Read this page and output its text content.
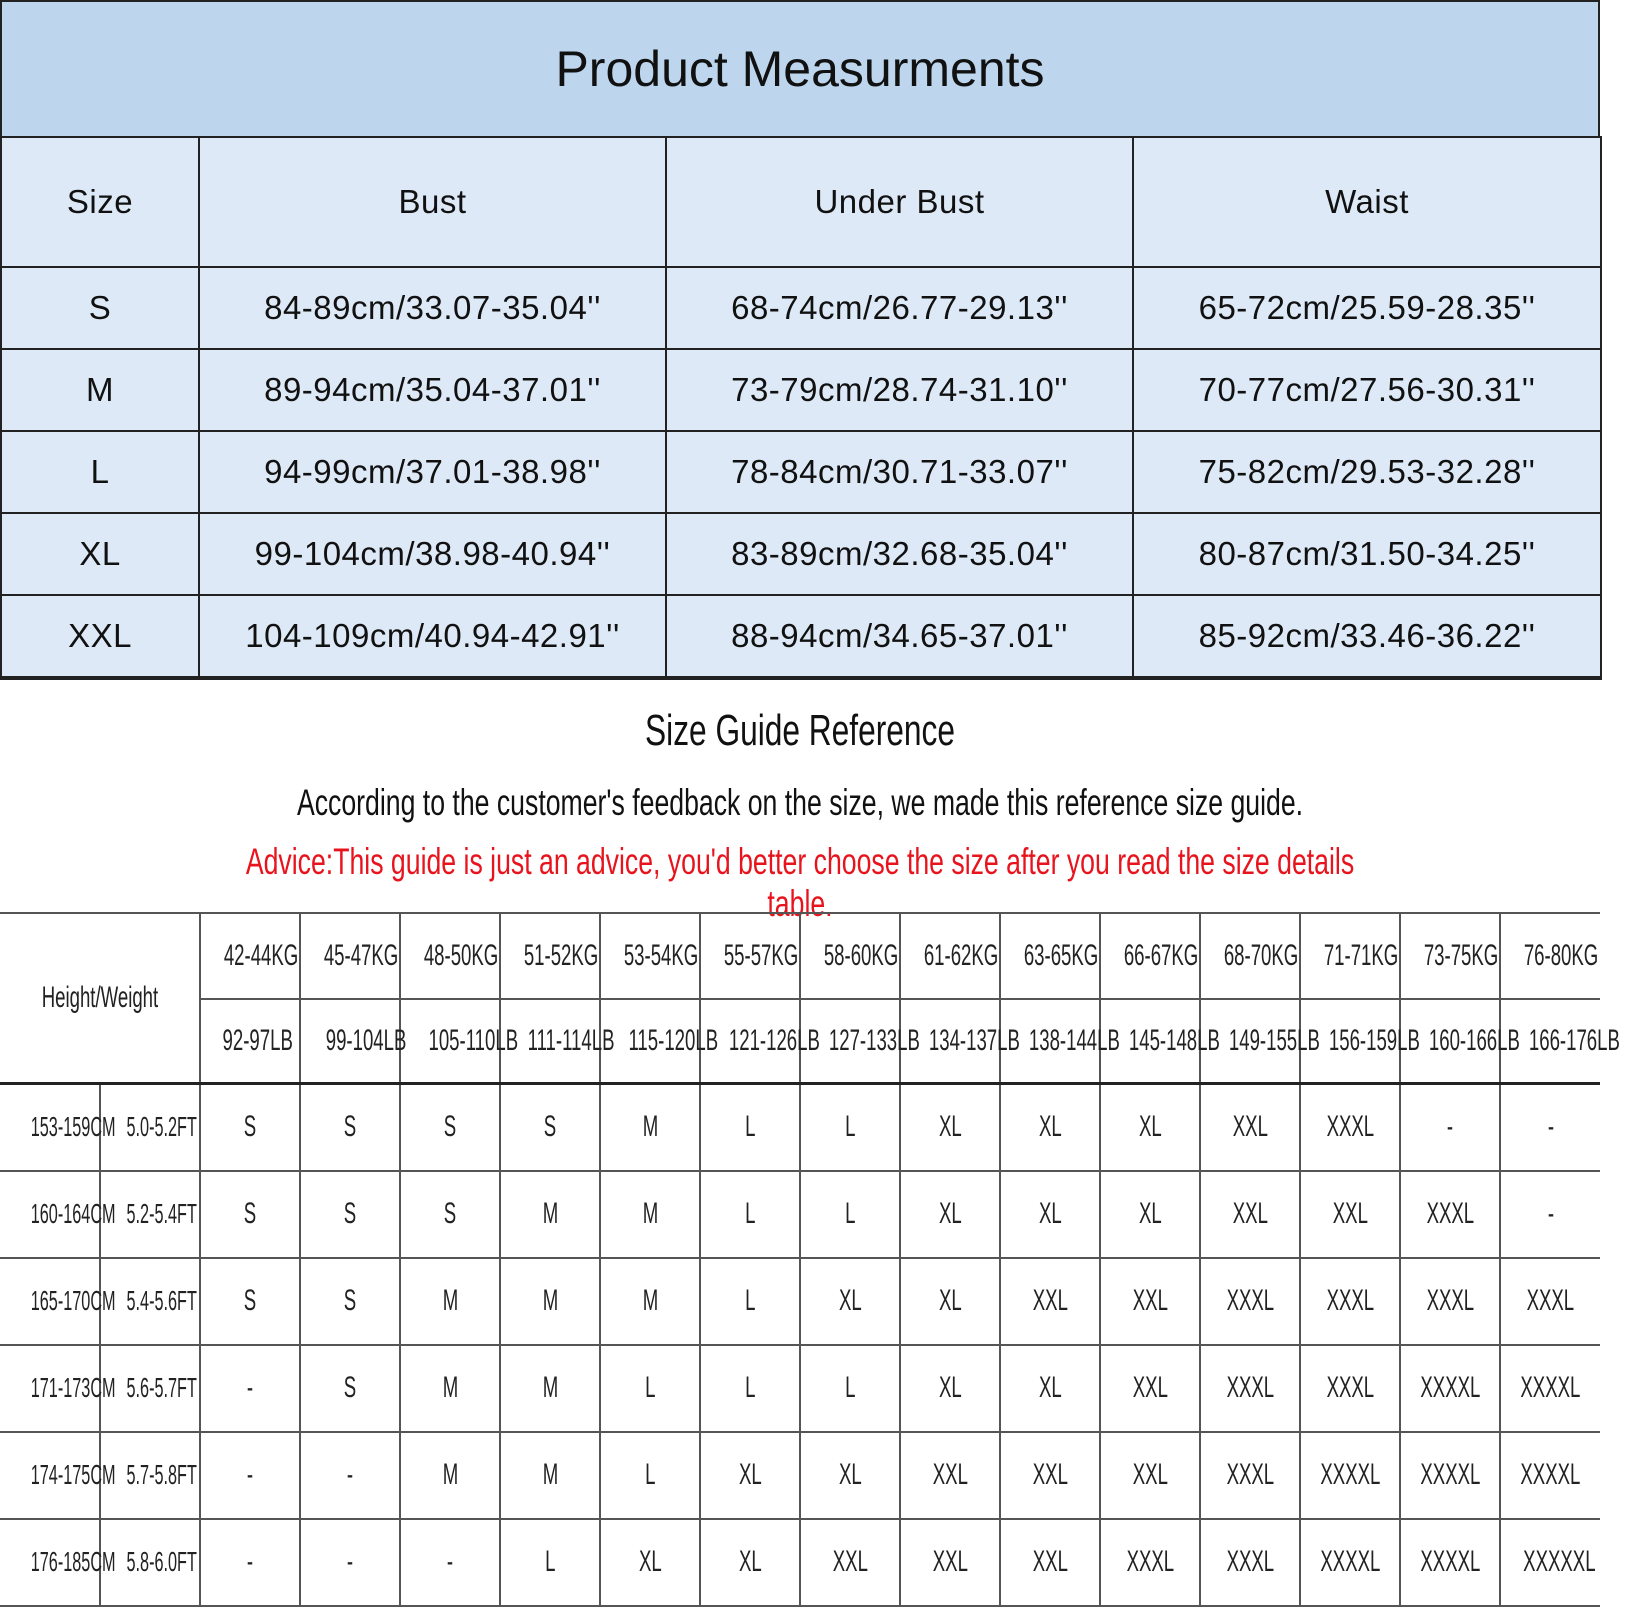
Product Measurments
Size	Bust	Under Bust	Waist
S	84-89cm/33.07-35.04''	68-74cm/26.77-29.13''	65-72cm/25.59-28.35''
M	89-94cm/35.04-37.01''	73-79cm/28.74-31.10''	70-77cm/27.56-30.31''
L	94-99cm/37.01-38.98''	78-84cm/30.71-33.07''	75-82cm/29.53-32.28''
XL	99-104cm/38.98-40.94''	83-89cm/32.68-35.04''	80-87cm/31.50-34.25''
XXL	104-109cm/40.94-42.91''	88-94cm/34.65-37.01''	85-92cm/33.46-36.22''
Size Guide Reference
According to the customer's feedback on the size, we made this reference size guide.
Advice:This guide is just an advice, you'd better choose the size after you read the size details table.
Height/Weight		42-44KG	45-47KG	48-50KG	51-52KG	53-54KG	55-57KG	58-60KG	61-62KG	63-65KG	66-67KG	68-70KG	71-71KG	73-75KG	76-80KG
		92-97LB	99-104LB	105-110LB	111-114LB	115-120LB	121-126LB	127-133LB	134-137LB	138-144LB	145-148LB	149-155LB	156-159LB	160-166LB	166-176LB
153-159CM	5.0-5.2FT	S	S	S	S	M	L	L	XL	XL	XL	XXL	XXXL	-	-
160-164CM	5.2-5.4FT	S	S	S	M	M	L	L	XL	XL	XL	XXL	XXL	XXXL	-
165-170CM	5.4-5.6FT	S	S	M	M	M	L	XL	XL	XXL	XXL	XXXL	XXXL	XXXL	XXXL
171-173CM	5.6-5.7FT	-	S	M	M	L	L	L	XL	XL	XXL	XXXL	XXXL	XXXXL	XXXXL
174-175CM	5.7-5.8FT	-	-	M	M	L	XL	XL	XXL	XXL	XXL	XXXL	XXXXL	XXXXL	XXXXL
176-185CM	5.8-6.0FT	-	-	-	L	XL	XL	XXL	XXL	XXL	XXXL	XXXL	XXXXL	XXXXL	XXXXXL
